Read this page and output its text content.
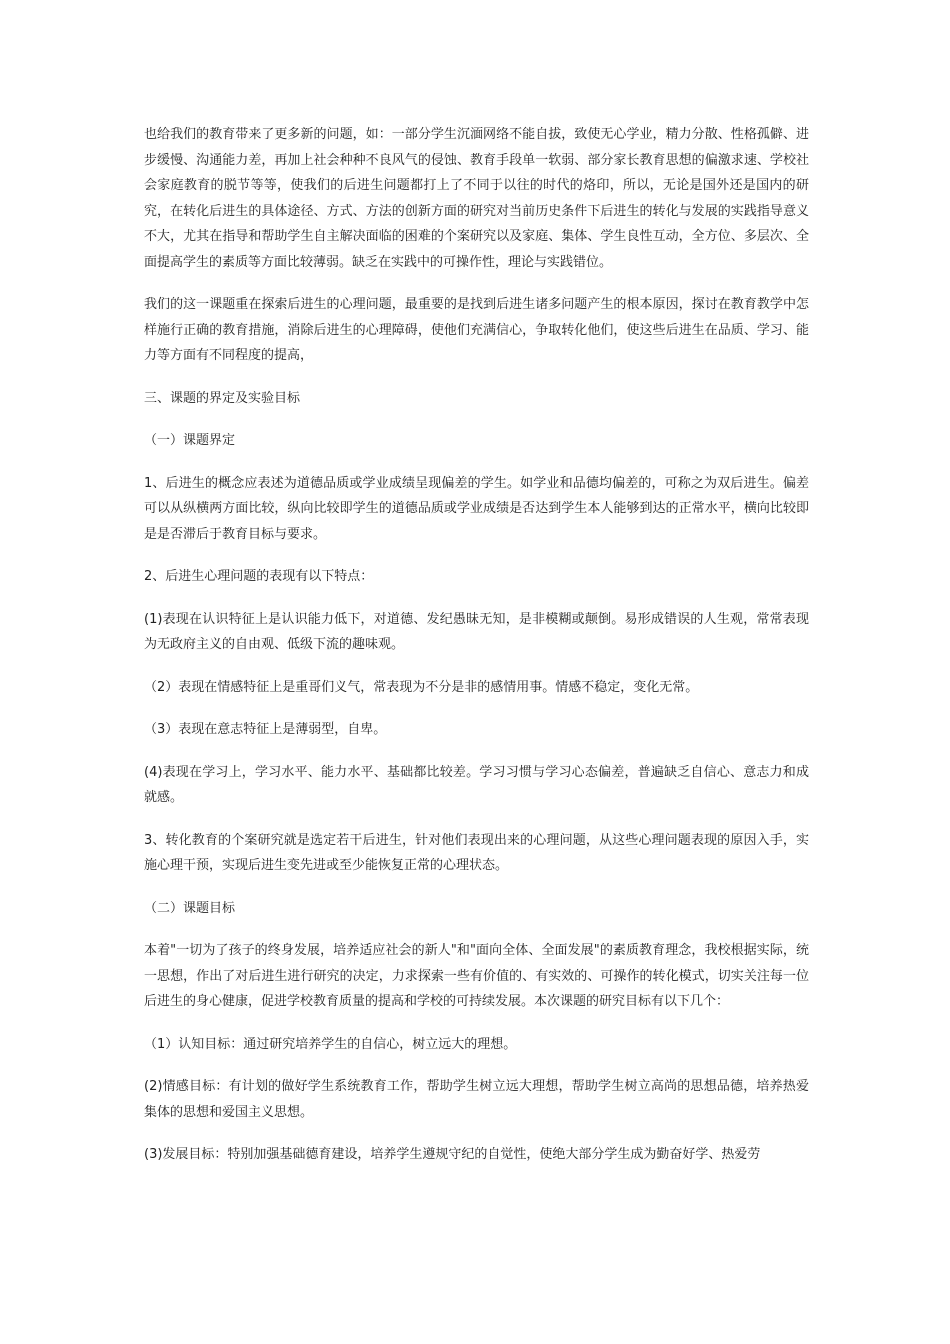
也给我们的教育带来了更多新的问题，如：一部分学生沉湎网络不能自拔，致使无心学业，精力分散、性格孤僻、进步缓慢、沟通能力差，再加上社会种种不良风气的侵蚀、教育手段单一软弱、部分家长教育思想的偏激求速、学校社会家庭教育的脱节等等，使我们的后进生问题都打上了不同于以往的时代的烙印，所以，无论是国外还是国内的研究，在转化后进生的具体途径、方式、方法的创新方面的研究对当前历史条件下后进生的转化与发展的实践指导意义不大，尤其在指导和帮助学生自主解决面临的困难的个案研究以及家庭、集体、学生良性互动，全方位、多层次、全面提高学生的素质等方面比较薄弱。缺乏在实践中的可操作性，理论与实践错位。

我们的这一课题重在探索后进生的心理问题，最重要的是找到后进生诸多问题产生的根本原因，探讨在教育教学中怎样施行正确的教育措施，消除后进生的心理障碍，使他们充满信心，争取转化他们，使这些后进生在品质、学习、能力等方面有不同程度的提高，

三、课题的界定及实验目标

（一）课题界定

1、后进生的概念应表述为道德品质或学业成绩呈现偏差的学生。如学业和品德均偏差的，可称之为双后进生。偏差可以从纵横两方面比较，纵向比较即学生的道德品质或学业成绩是否达到学生本人能够到达的正常水平，横向比较即是是否滞后于教育目标与要求。

2、后进生心理问题的表现有以下特点：

(1)表现在认识特征上是认识能力低下，对道德、发纪愚昧无知，是非模糊或颠倒。易形成错误的人生观，常常表现为无政府主义的自由观、低级下流的趣味观。

（2）表现在情感特征上是重哥们义气，常表现为不分是非的感情用事。情感不稳定，变化无常。

（3）表现在意志特征上是薄弱型，自卑。

(4)表现在学习上，学习水平、能力水平、基础都比较差。学习习惯与学习心态偏差，普遍缺乏自信心、意志力和成就感。

3、转化教育的个案研究就是选定若干后进生，针对他们表现出来的心理问题，从这些心理问题表现的原因入手，实施心理干预，实现后进生变先进或至少能恢复正常的心理状态。

（二）课题目标

本着"一切为了孩子的终身发展，培养适应社会的新人"和"面向全体、全面发展"的素质教育理念，我校根据实际，统一思想，作出了对后进生进行研究的决定，力求探索一些有价值的、有实效的、可操作的转化模式，切实关注每一位后进生的身心健康，促进学校教育质量的提高和学校的可持续发展。本次课题的研究目标有以下几个：

（1）认知目标：通过研究培养学生的自信心，树立远大的理想。

(2)情感目标：有计划的做好学生系统教育工作，帮助学生树立远大理想，帮助学生树立高尚的思想品德，培养热爱集体的思想和爱国主义思想。

(3)发展目标：特别加强基础德育建设，培养学生遵规守纪的自觉性，使绝大部分学生成为勤奋好学、热爱劳
